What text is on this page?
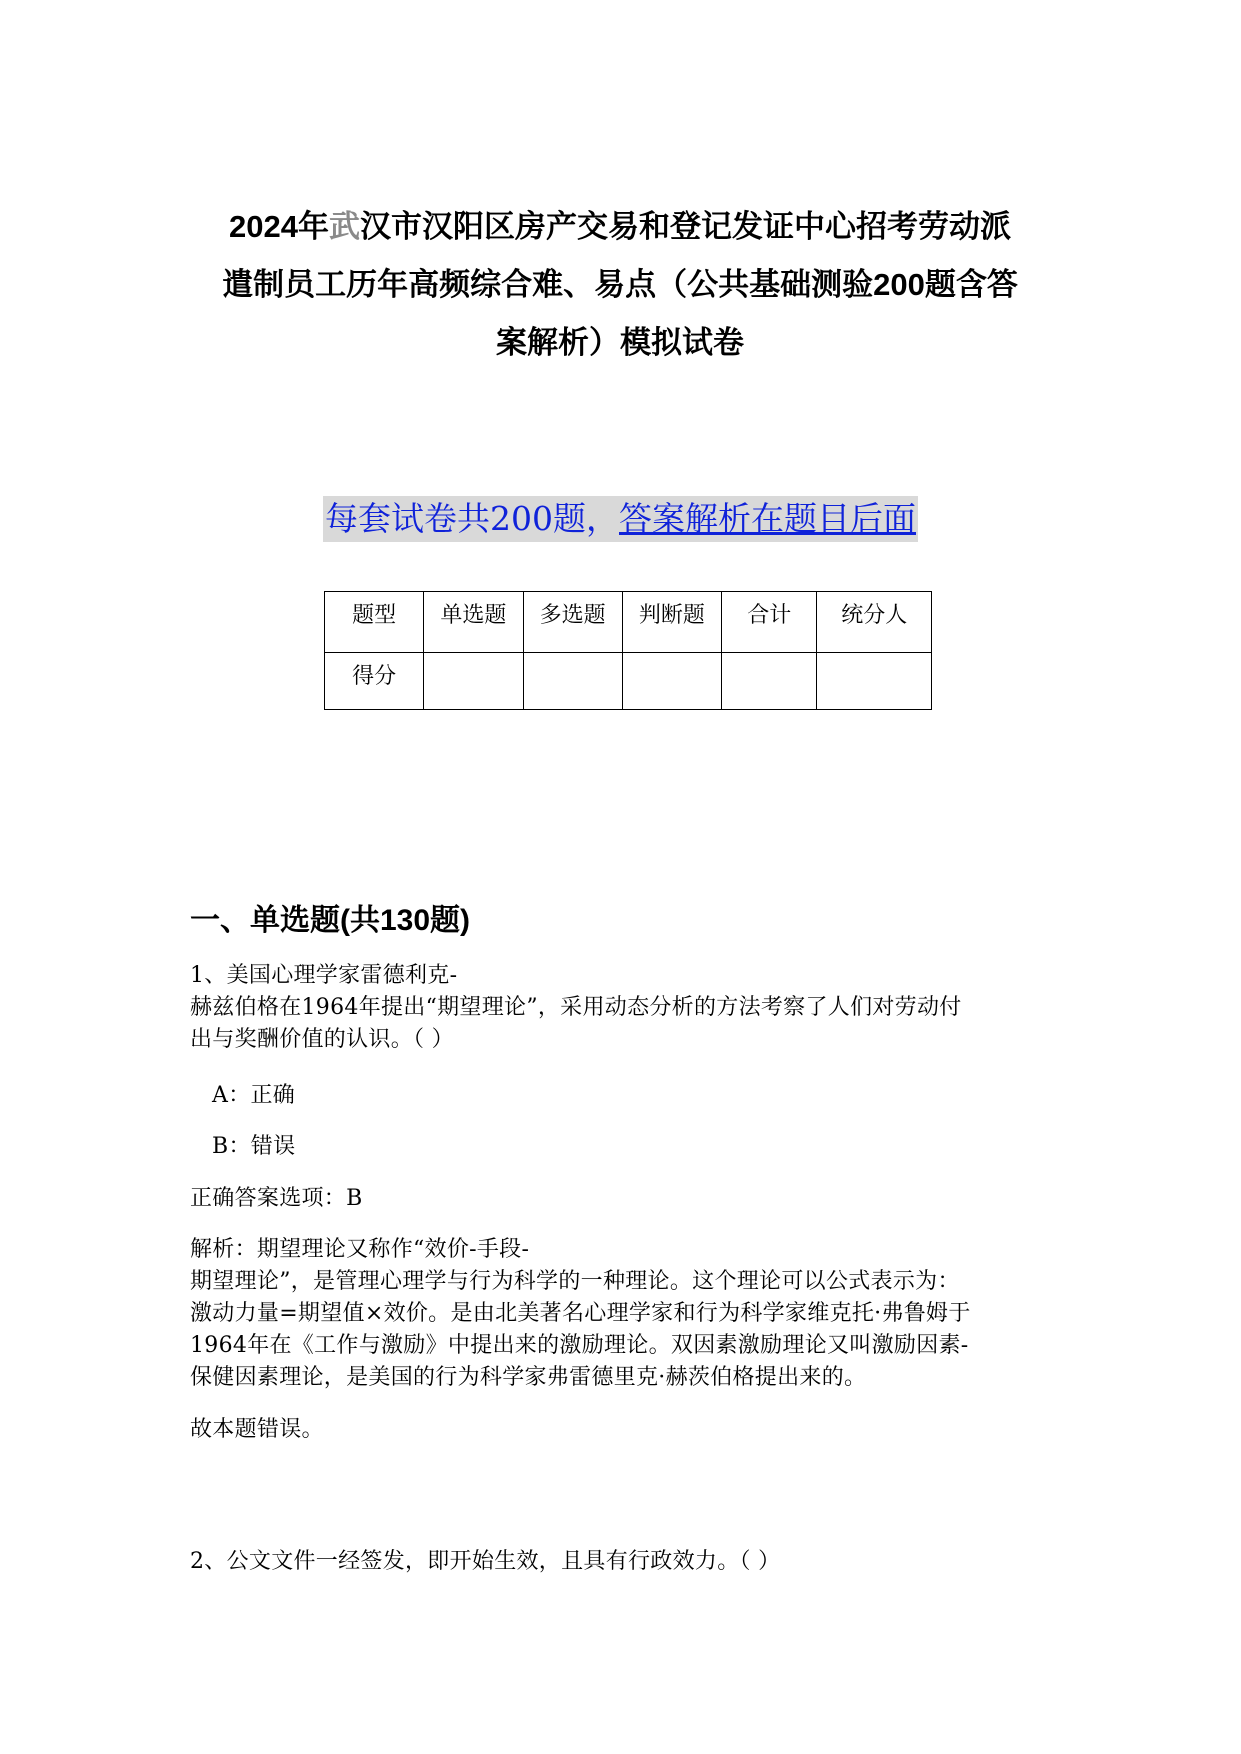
2024年武汉市汉阳区房产交易和登记发证中心招考劳动派
遣制员工历年高频综合难、易点（公共基础测验200题含答
案解析）模拟试卷
每套试卷共200题，答案解析在题目后面
题型	单选题	多选题	判断题	合计	统分人
得分					
一、单选题(共130题)
1、美国心理学家雷德利克-
赫兹伯格在1964年提出“期望理论”，采用动态分析的方法考察了人们对劳动付
出与奖酬价值的认识。（ ）
A：正确
B：错误
正确答案选项：B
解析：期望理论又称作“效价-手段-
期望理论”，是管理心理学与行为科学的一种理论。这个理论可以公式表示为：
激动力量=期望值×效价。是由北美著名心理学家和行为科学家维克托·弗鲁姆于
1964年在《工作与激励》中提出来的激励理论。双因素激励理论又叫激励因素-
保健因素理论，是美国的行为科学家弗雷德里克·赫茨伯格提出来的。
故本题错误。
2、公文文件一经签发，即开始生效，且具有行政效力。（ ）
